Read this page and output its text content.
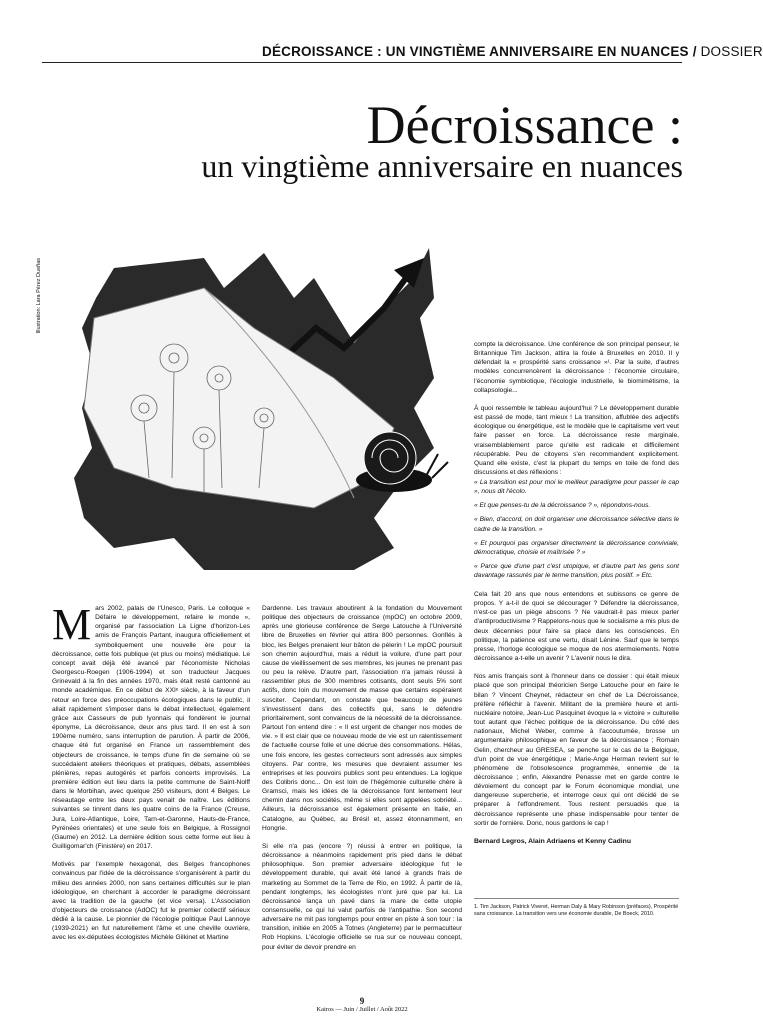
DÉCROISSANCE : UN VINGTIÈME ANNIVERSAIRE EN NUANCES / DOSSIER
Décroissance :
un vingtième anniversaire en nuances
Illustration: Lara Pérez Dueñas

Mars 2002, palais de l'Unesco, Paris. Le colloque « Défaire le développement, refaire le monde », organisé par l'association La Ligne d'horizon-Les amis de François Partant, inaugura officiellement et symboliquement une nouvelle ère pour la décroissance, cette fois publique (et plus ou moins) médiatique. Le concept avait déjà été avancé par l'économiste Nicholas Georgescu-Roegen (1906-1994) et son traducteur Jacques Grinevald à la fin des années 1970, mais était resté cantonné au monde académique. En ce début de XXIᵉ siècle, à la faveur d'un retour en force des préoccupations écologiques dans le public, il allait rapidement s'imposer dans le débat intellectuel, également grâce aux Casseurs de pub lyonnais qui fondèrent le journal éponyme, La décroissance, deux ans plus tard. Il en est à son 190ème numéro, sans interruption de parution. À partir de 2006, chaque été fut organisé en France un rassemblement des objecteurs de croissance, le temps d'une fin de semaine où se succédaient ateliers théoriques et pratiques, débats, assemblées plénières, repas autogérés et parfois concerts improvisés. La première édition eut lieu dans la petite commune de Saint-Nolff dans le Morbihan, avec quelque 250 visiteurs, dont 4 Belges. Le réseautage entre les deux pays venait de naître. Les éditions suivantes se tinrent dans les quatre coins de la France (Creuse, Jura, Loire-Atlantique, Loire, Tarn-et-Garonne, Hauts-de-France, Pyrénées orientales) et une seule fois en Belgique, à Rossignol (Gaume) en 2012. La dernière édition sous cette forme eut lieu à Guilligomar'ch (Finistère) en 2017.

Motivés par l'exemple hexagonal, des Belges francophones convaincus par l'idée de la décroissance s'organisèrent à partir du milieu des années 2000, non sans certaines difficultés sur le plan idéologique, en cherchant à accorder le paradigme décroissant avec la tradition de la gauche (et vice versa). L'Association d'objecteurs de croissance (AdOC) fut le premier collectif sérieux dédié à la cause. Le pionnier de l'écologie politique Paul Lannoye (1939-2021) en fut naturellement l'âme et une cheville ouvrière, avec les ex-députées écologistes Michèle Gilkinet et Martine

Dardenne. Les travaux aboutirent à la fondation du Mouvement politique des objecteurs de croissance (mpOC) en octobre 2009, après une glorieuse conférence de Serge Latouche à l'Université libre de Bruxelles en février qui attira 800 personnes. Gonflés à bloc, les Belges prenaient leur bâton de pèlerin ! Le mpOC poursuit son chemin aujourd'hui, mais a réduit la voilure, d'une part pour cause de vieillissement de ses membres, les jeunes ne prenant pas ou peu la relève. D'autre part, l'association n'a jamais réussi à rassembler plus de 300 membres cotisants, dont seuls 5% sont actifs, donc loin du mouvement de masse que certains espéraient susciter. Cependant, on constate que beaucoup de jeunes s'investissent dans des collectifs qui, sans le défendre prioritairement, sont convaincus de la nécessité de la décroissance. Partout l'on entend dire : « Il est urgent de changer nos modes de vie. » Il est clair que ce nouveau mode de vie est un ralentissement de l'actuelle course folle et une décrue des consommations. Hélas, une fois encore, les gestes correcteurs sont adressés aux simples citoyens. Par contre, les mesures que devraient assumer les entreprises et les pouvoirs publics sont peu entendues. La logique des Colibris donc... On est loin de l'hégémonie culturelle chère à Gramsci, mais les idées de la décroissance font lentement leur chemin dans nos sociétés, même si elles sont appelées sobriété... Ailleurs, la décroissance est également présente en Italie, en Catalogne, au Québec, au Brésil et, assez étonnamment, en Hongrie.

Si elle n'a pas (encore ?) réussi à entrer en politique, la décroissance a néanmoins rapidement pris pied dans le débat philosophique. Son premier adversaire idéologique fut le développement durable, qui avait été lancé à grands frais de marketing au Sommet de la Terre de Rio, en 1992. À partir de là, pendant longtemps, les écologistes n'ont juré que par lui. La décroissance lança un pavé dans la mare de cette utopie consensuelle, ce qui lui valut parfois de l'antipathie. Son second adversaire ne mit pas longtemps pour entrer en piste à son tour : la transition, initiée en 2005 à Totnes (Angleterre) par le permaculteur Rob Hopkins. L'écologie officielle se rua sur ce nouveau concept, pour éviter de devoir prendre en

compte la décroissance. Une conférence de son principal penseur, le Britannique Tim Jackson, attira la foule à Bruxelles en 2010. Il y défendait la « prospérité sans croissance »¹. Par la suite, d'autres modèles concurrencèrent la décroissance : l'économie circulaire, l'économie symbiotique, l'écologie industrielle, le biomimétisme, la collapsologie...

À quoi ressemble le tableau aujourd'hui ? Le développement durable est passé de mode, tant mieux ! La transition, affublée des adjectifs écologique ou énergétique, est le modèle que le capitalisme vert veut faire passer en force. La décroissance reste marginale, vraisemblablement parce qu'elle est radicale et difficilement récupérable. Peu de citoyens s'en recommandent explicitement. Quand elle existe, c'est la plupart du temps en toile de fond des discussions et des réflexions :

« La transition est pour moi le meilleur paradigme pour passer le cap », nous dit l'écolo.

« Et que penses-tu de la décroissance ? », répondons-nous.

« Bien, d'accord, on doit organiser une décroissance sélective dans le cadre de la transition. »

« Et pourquoi pas organiser directement la décroissance conviviale, démocratique, choisie et maîtrisée ? »

« Parce que d'une part c'est utopique, et d'autre part les gens sont davantage rassurés par le terme transition, plus positif. » Etc.

Cela fait 20 ans que nous entendons et subissons ce genre de propos. Y a-t-il de quoi se décourager ? Défendre la décroissance, n'est-ce pas un piège abscons ? Ne vaudrait-il pas mieux parler d'antiproductivisme ? Rappelons-nous que le socialisme a mis plus de deux décennies pour faire sa place dans les consciences. En politique, la patience est une vertu, disait Lénine. Sauf que le temps presse, l'horloge écologique se moque de nos atermoiements. Notre décroissance a-t-elle un avenir ? L'avenir nous le dira.

Nos amis français sont à l'honneur dans ce dossier : qui était mieux placé que son principal théoricien Serge Latouche pour en faire le bilan ? Vincent Cheynet, rédacteur en chef de La Décroissance, préfère réfléchir à l'avenir. Militant de la première heure et anti-nucléaire notoire, Jean-Luc Pasquinet évoque la « victoire » culturelle tout autant que l'échec politique de la décroissance. Du côté des nationaux, Michel Weber, comme à l'accoutumée, brosse un argumentaire philosophique en faveur de la décroissance ; Romain Gelin, chercheur au GRESEA, se penche sur le cas de la Belgique, d'un point de vue énergétique ; Marie-Ange Herman revient sur le phénomène de l'obsolescence programmée, ennemie de la décroissance ; enfin, Alexandre Penasse met en garde contre le dévoiement du concept par le Forum économique mondial, une dangereuse supercherie, et interroge ceux qui ont décidé de se préparer à l'effondrement. Tous restent persuadés que la décroissance représente une phase indispensable pour tenter de sortir de l'ornière. Donc, nous gardons le cap !

Bernard Legros, Alain Adriaens et Kenny Cadinu

1. Tim Jackson, Patrick Viveret, Herman Daly & Mary Robinson (préfaces), Prospérité sans croissance. La transition vers une économie durable, De Boeck, 2010.
9
Kairos — Juin / Juillet / Août 2022
